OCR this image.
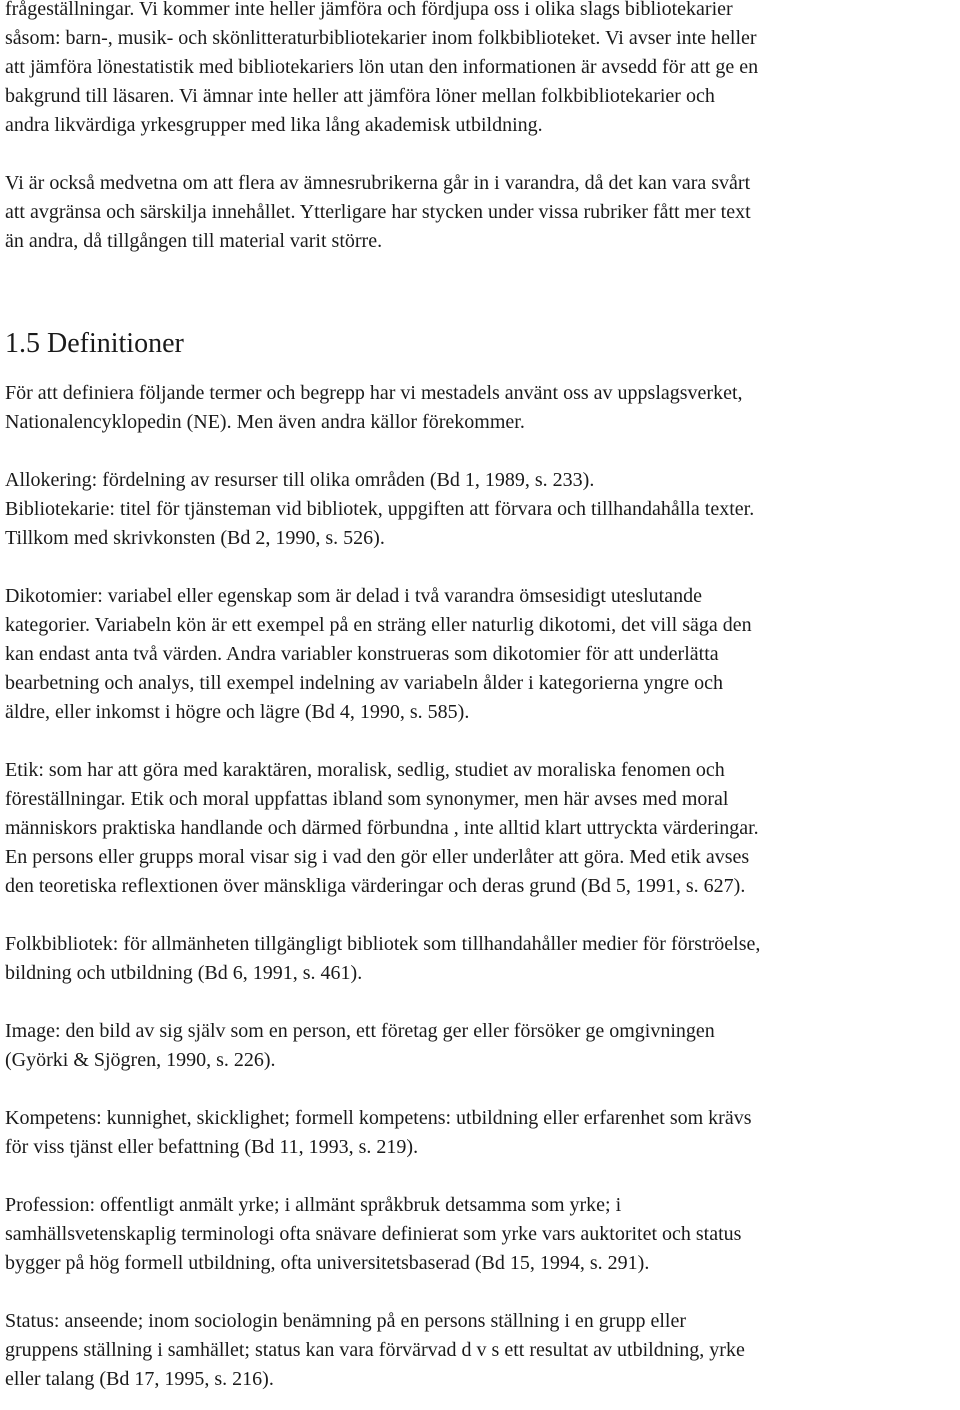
frågeställningar. Vi kommer inte heller jämföra och fördjupa oss i olika slags bibliotekarier
såsom: barn-, musik- och skönlitteraturbibliotekarier inom folkbiblioteket. Vi avser inte heller
att jämföra lönestatistik med bibliotekariers lön utan den informationen är avsedd för att ge en
bakgrund till läsaren. Vi ämnar inte heller att jämföra löner mellan folkbibliotekarier och
andra likvärdiga yrkesgrupper med lika lång akademisk utbildning.

Vi är också medvetna om att flera av ämnesrubrikerna går in i varandra, då det kan vara svårt
att avgränsa och särskilja innehållet. Ytterligare har stycken under vissa rubriker fått mer text
än andra, då tillgången till material varit större.

1.5 Definitioner

För att definiera följande termer och begrepp har vi mestadels använt oss av uppslagsverket,
Nationalencyklopedin (NE). Men även andra källor förekommer.

Allokering: fördelning av resurser till olika områden (Bd 1, 1989, s. 233).

Bibliotekarie: titel för tjänsteman vid bibliotek, uppgiften att förvara och tillhandahålla texter.
Tillkom med skrivkonsten (Bd 2, 1990, s. 526).

Dikotomier: variabel eller egenskap som är delad i två varandra ömsesidigt uteslutande
kategorier. Variabeln kön är ett exempel på en sträng eller naturlig dikotomi, det vill säga den
kan endast anta två värden. Andra variabler konstrueras som dikotomier för att underlätta
bearbetning och analys, till exempel indelning av variabeln ålder i kategorierna yngre och
äldre, eller inkomst i högre och lägre (Bd 4, 1990, s. 585).

Etik: som har att göra med karaktären, moralisk, sedlig, studiet av moraliska fenomen och
föreställningar. Etik och moral uppfattas ibland som synonymer, men här avses med moral
människors praktiska handlande och därmed förbundna , inte alltid klart uttryckta värderingar.
En persons eller grupps moral visar sig i vad den gör eller underlåter att göra. Med etik avses
den teoretiska reflextionen över mänskliga värderingar och deras grund (Bd 5, 1991, s. 627).

Folkbibliotek: för allmänheten tillgängligt bibliotek som tillhandahåller medier för förströelse,
bildning och utbildning (Bd 6, 1991, s. 461).

Image: den bild av sig själv som en person, ett företag ger eller försöker ge omgivningen
(Györki & Sjögren, 1990, s. 226).

Kompetens: kunnighet, skicklighet; formell kompetens: utbildning eller erfarenhet som krävs
för viss tjänst eller befattning (Bd 11, 1993, s. 219).

Profession: offentligt anmält yrke; i allmänt språkbruk detsamma som yrke; i
samhällsvetenskaplig terminologi ofta snävare definierat som yrke vars auktoritet och status
bygger på hög formell utbildning, ofta universitetsbaserad (Bd 15, 1994, s. 291).

Status: anseende; inom sociologin benämning på en persons ställning i en grupp eller
gruppens ställning i samhället; status kan vara förvärvad d v s ett resultat av utbildning, yrke
eller talang (Bd 17, 1995, s. 216).
